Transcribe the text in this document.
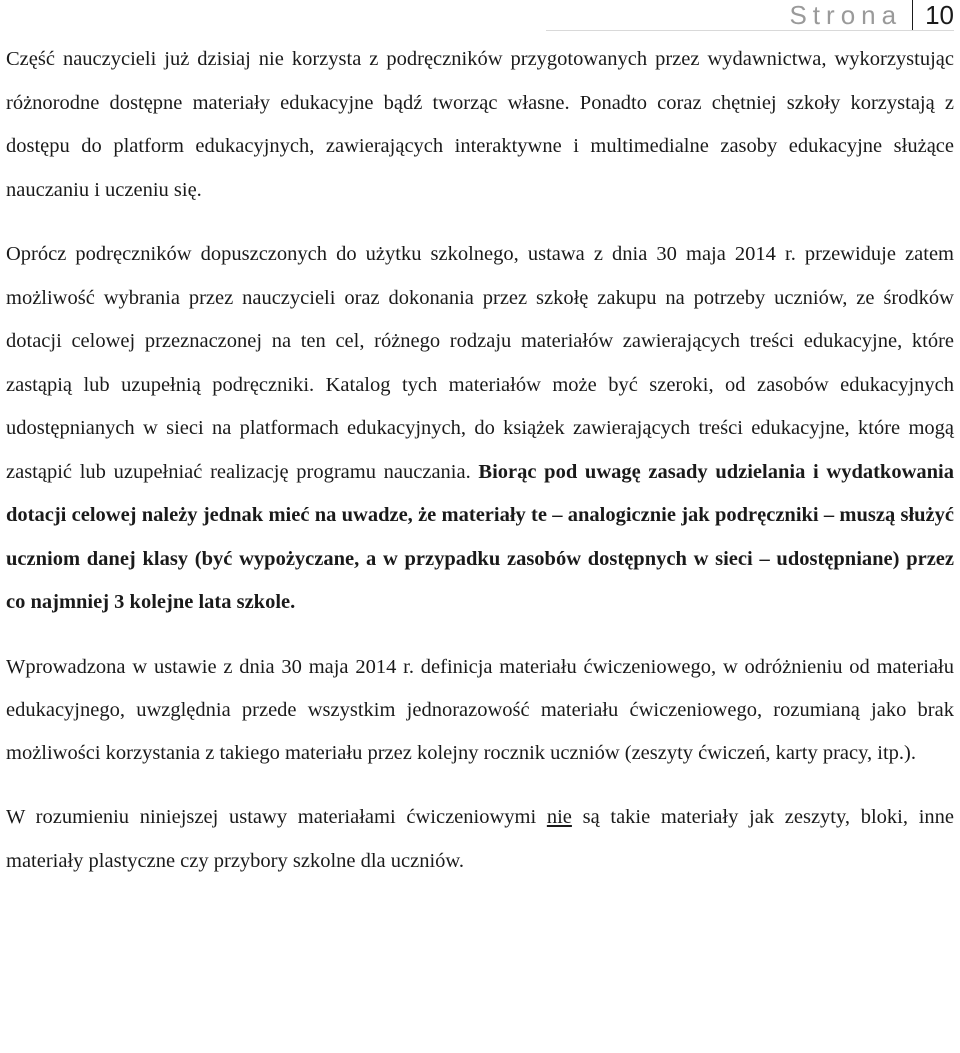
Strona 10

Część nauczycieli już dzisiaj nie korzysta z podręczników przygotowanych przez wydawnictwa, wykorzystując różnorodne dostępne materiały edukacyjne bądź tworząc własne. Ponadto coraz chętniej szkoły korzystają z dostępu do platform edukacyjnych, zawierających interaktywne i multimedialne zasoby edukacyjne służące nauczaniu i uczeniu się.

Oprócz podręczników dopuszczonych do użytku szkolnego, ustawa z dnia 30 maja 2014 r. przewiduje zatem możliwość wybrania przez nauczycieli oraz dokonania przez szkołę zakupu na potrzeby uczniów, ze środków dotacji celowej przeznaczonej na ten cel, różnego rodzaju materiałów zawierających treści edukacyjne, które zastąpią lub uzupełnią podręczniki. Katalog tych materiałów może być szeroki, od zasobów edukacyjnych udostępnianych w sieci na platformach edukacyjnych, do książek zawierających treści edukacyjne, które mogą zastąpić lub uzupełniać realizację programu nauczania. Biorąc pod uwagę zasady udzielania i wydatkowania dotacji celowej należy jednak mieć na uwadze, że materiały te – analogicznie jak podręczniki – muszą służyć uczniom danej klasy (być wypożyczane, a w przypadku zasobów dostępnych w sieci – udostępniane) przez co najmniej 3 kolejne lata szkole.

Wprowadzona w ustawie z dnia 30 maja 2014 r. definicja materiału ćwiczeniowego, w odróżnieniu od materiału edukacyjnego, uwzględnia przede wszystkim jednorazowość materiału ćwiczeniowego, rozumianą jako brak możliwości korzystania z takiego materiału przez kolejny rocznik uczniów (zeszyty ćwiczeń, karty pracy, itp.).

W rozumieniu niniejszej ustawy materiałami ćwiczeniowymi nie są takie materiały jak zeszyty, bloki, inne materiały plastyczne czy przybory szkolne dla uczniów.
